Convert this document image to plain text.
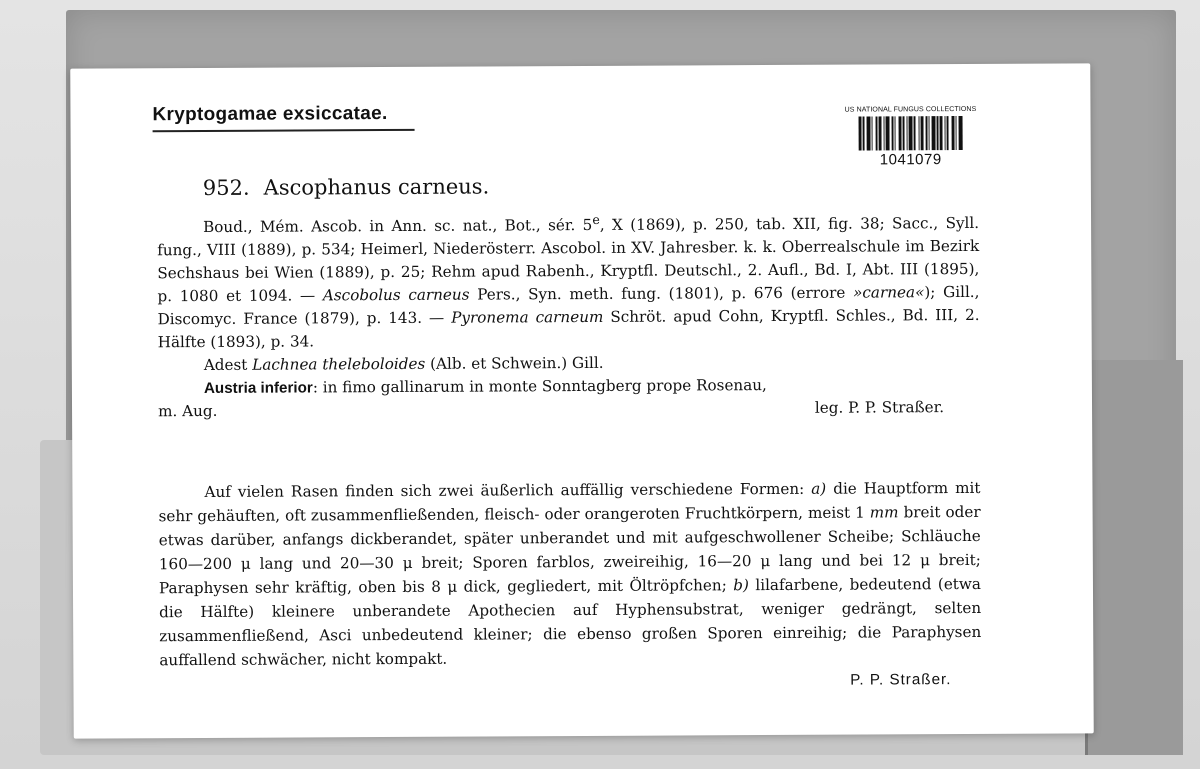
Kryptogamae exsiccatae.	US NATIONAL FUNGUS COLLECTIONS
1041079
952. Ascophanus carneus.

Boud., Mém. Ascob. in Ann. sc. nat., Bot., sér. 5e, X (1869), p. 250, tab. XII, fig. 38; Sacc., Syll. fung., VIII (1889), p. 534; Heimerl, Niederösterr. Ascobol. in XV. Jahresber. k. k. Oberrealschule im Bezirk Sechshaus bei Wien (1889), p. 25; Rehm apud Rabenh., Kryptfl. Deutschl., 2. Aufl., Bd. I, Abt. III (1895), p. 1080 et 1094. — Ascobolus carneus Pers., Syn. meth. fung. (1801), p. 676 (errore »carnea«); Gill., Discomyc. France (1879), p. 143. — Pyronema carneum Schröt. apud Cohn, Kryptfl. Schles., Bd. III, 2. Hälfte (1893), p. 34.

Adest Lachnea theleboloides (Alb. et Schwein.) Gill.

Austria inferior: in fimo gallinarum in monte Sonntagberg prope Rosenau,

m. Aug.	leg. P. P. Straßer.

Auf vielen Rasen finden sich zwei äußerlich auffällig verschiedene Formen: a) die Hauptform mit sehr gehäuften, oft zusammenfließenden, fleisch- oder orangeroten Fruchtkörpern, meist 1 mm breit oder etwas darüber, anfangs dickberandet, später unberandet und mit aufgeschwollener Scheibe; Schläuche 160—200 μ lang und 20—30 μ breit; Sporen farblos, zweireihig, 16—20 μ lang und bei 12 μ breit; Paraphysen sehr kräftig, oben bis 8 μ dick, gegliedert, mit Öltröpfchen; b) lilafarbene, bedeutend (etwa die Hälfte) kleinere unberandete Apothecien auf Hyphensubstrat, weniger gedrängt, selten zusammenfließend, Asci unbedeutend kleiner; die ebenso großen Sporen einreihig; die Paraphysen auffallend schwächer, nicht kompakt.

P. P. Straßer.
